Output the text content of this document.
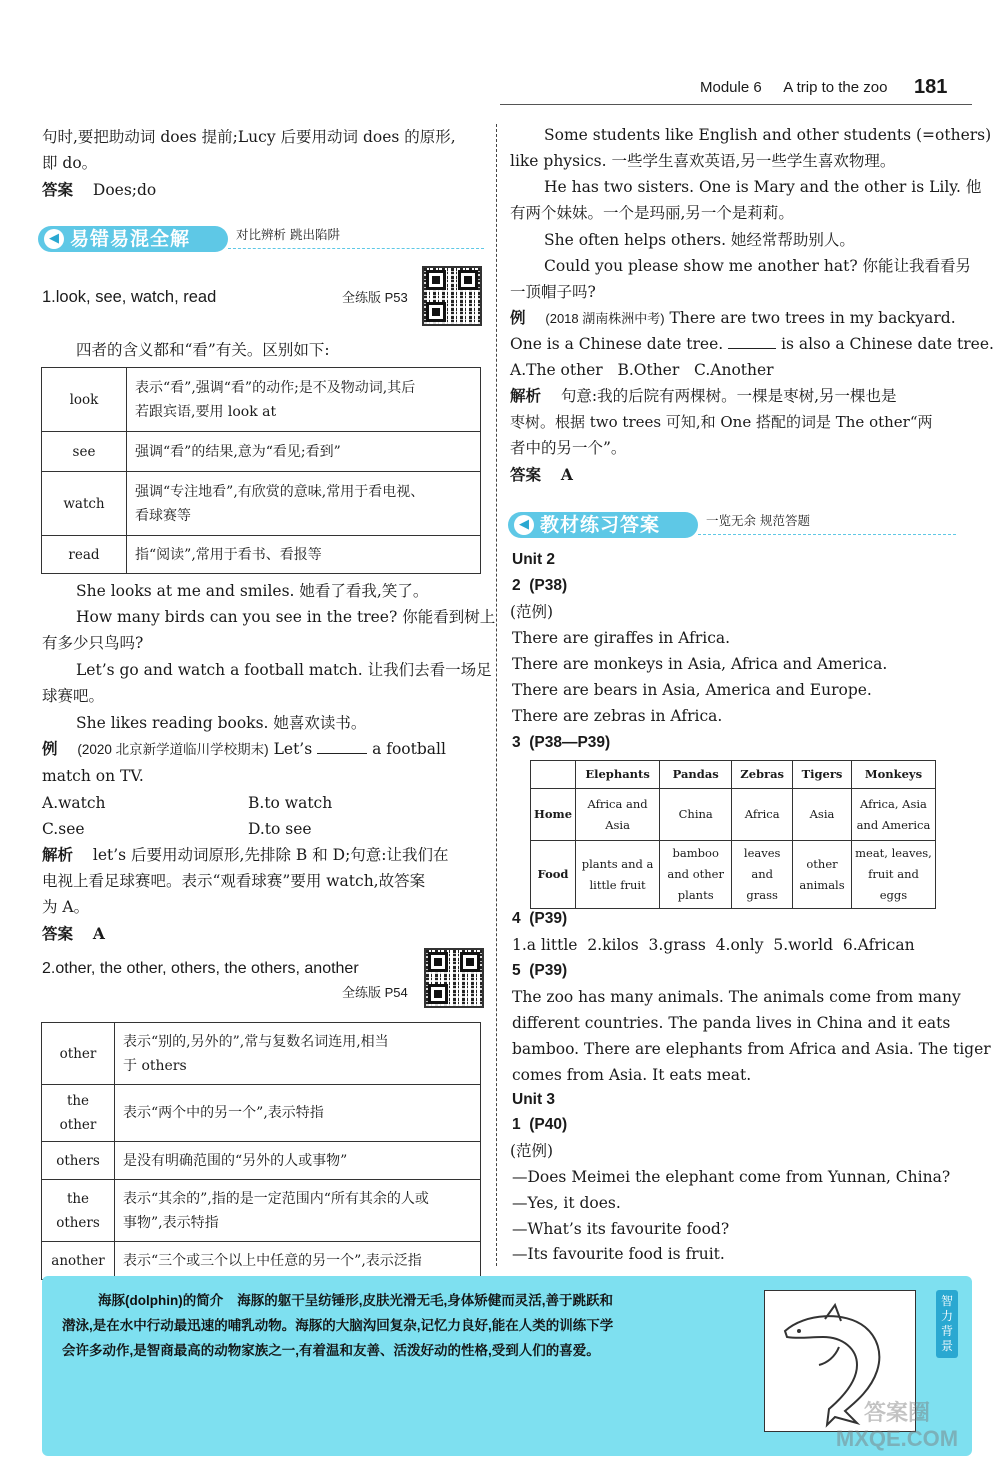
Module 6 A trip to the zoo 181
句时,要把助动词 does 提前;Lucy 后要用动词 does 的原形,
即 do。
答案 Does;do
◀ 易错易混全解	对比辨析 跳出陷阱
1.look, see, watch, read	全练版 P53
四者的含义都和“看”有关。区别如下:
look	表示“看”,强调“看”的动作;是不及物动词,其后
若跟宾语,要用 look at

see	强调“看”的结果,意为“看见;看到”
watch	强调“专注地看”,有欣赏的意味,常用于看电视、
看球赛等

read	指“阅读”,常用于看书、看报等
She looks at me and smiles. 她看了看我,笑了。
How many birds can you see in the tree? 你能看到树上
有多少只鸟吗?
Let’s go and watch a football match. 让我们去看一场足
球赛吧。
She likes reading books. 她喜欢读书。
例 (2020 北京新学道临川学校期末) Let’s	a football
match on TV.
A.watch	B.to watch
C.see	D.to see
解析 let’s 后要用动词原形,先排除 B 和 D;句意:让我们在
电视上看足球赛吧。表示“观看球赛”要用 watch,故答案
为 A。
答案 A
2.other, the other, others, the others, another
全练版 P54
other	表示“别的,另外的”,常与复数名词连用,相当
于 others

the other	表示“两个中的另一个”,表示特指
others	是没有明确范围的“另外的人或事物”
the others	表示“其余的”,指的是一定范围内“所有其余的人或
事物”,表示特指

another	表示“三个或三个以上中任意的另一个”,表示泛指
Some students like English and other students (=others)
like physics. 一些学生喜欢英语,另一些学生喜欢物理。
He has two sisters. One is Mary and the other is Lily. 他
有两个妹妹。一个是玛丽,另一个是莉莉。
She often helps others. 她经常帮助别人。
Could you please show me another hat? 你能让我看看另
一顶帽子吗?
例 (2018 湖南株洲中考) There are two trees in my backyard.
One is a Chinese date tree.	is also a Chinese date tree.
A.The other   B.Other   C.Another
解析 句意:我的后院有两棵树。一棵是枣树,另一棵也是
枣树。根据 two trees 可知,和 One 搭配的词是 The other“两
者中的另一个”。
答案 A
◀ 教材练习答案	一览无余 规范答题
Unit 2
2  (P38)
(范例)
There are giraffes in Africa.
There are monkeys in Asia, Africa and America.
There are bears in Asia, America and Europe.
There are zebras in Africa.
3  (P38—P39)
	Elephants	Pandas	Zebras	Tigers	Monkeys
Home	Africa and Asia	China	Africa	Asia	Africa, Asia and America
Food	plants and a little fruit	bamboo and other plants	leaves and grass	other animals	meat, leaves, fruit and eggs
4  (P39)
1.a little  2.kilos  3.grass  4.only  5.world  6.African
5  (P39)
The zoo has many animals. The animals come from many
different countries. The panda lives in China and it eats
bamboo. There are elephants from Africa and Asia. The tiger
comes from Asia. It eats meat.
Unit 3
1  (P40)
(范例)
—Does Meimei the elephant come from Yunnan, China?
—Yes, it does.
—What’s its favourite food?
—Its favourite food is fruit.
海豚(dolphin)的简介 海豚的躯干呈纺锤形,皮肤光滑无毛,身体矫健而灵活,善于跳跃和
潜泳,是在水中行动最迅速的哺乳动物。海豚的大脑沟回复杂,记忆力良好,能在人类的训练下学
会许多动作,是智商最高的动物家族之一,有着温和友善、活泼好动的性格,受到人们的喜爱。
智力背景
答案圈 MXQE.COM
